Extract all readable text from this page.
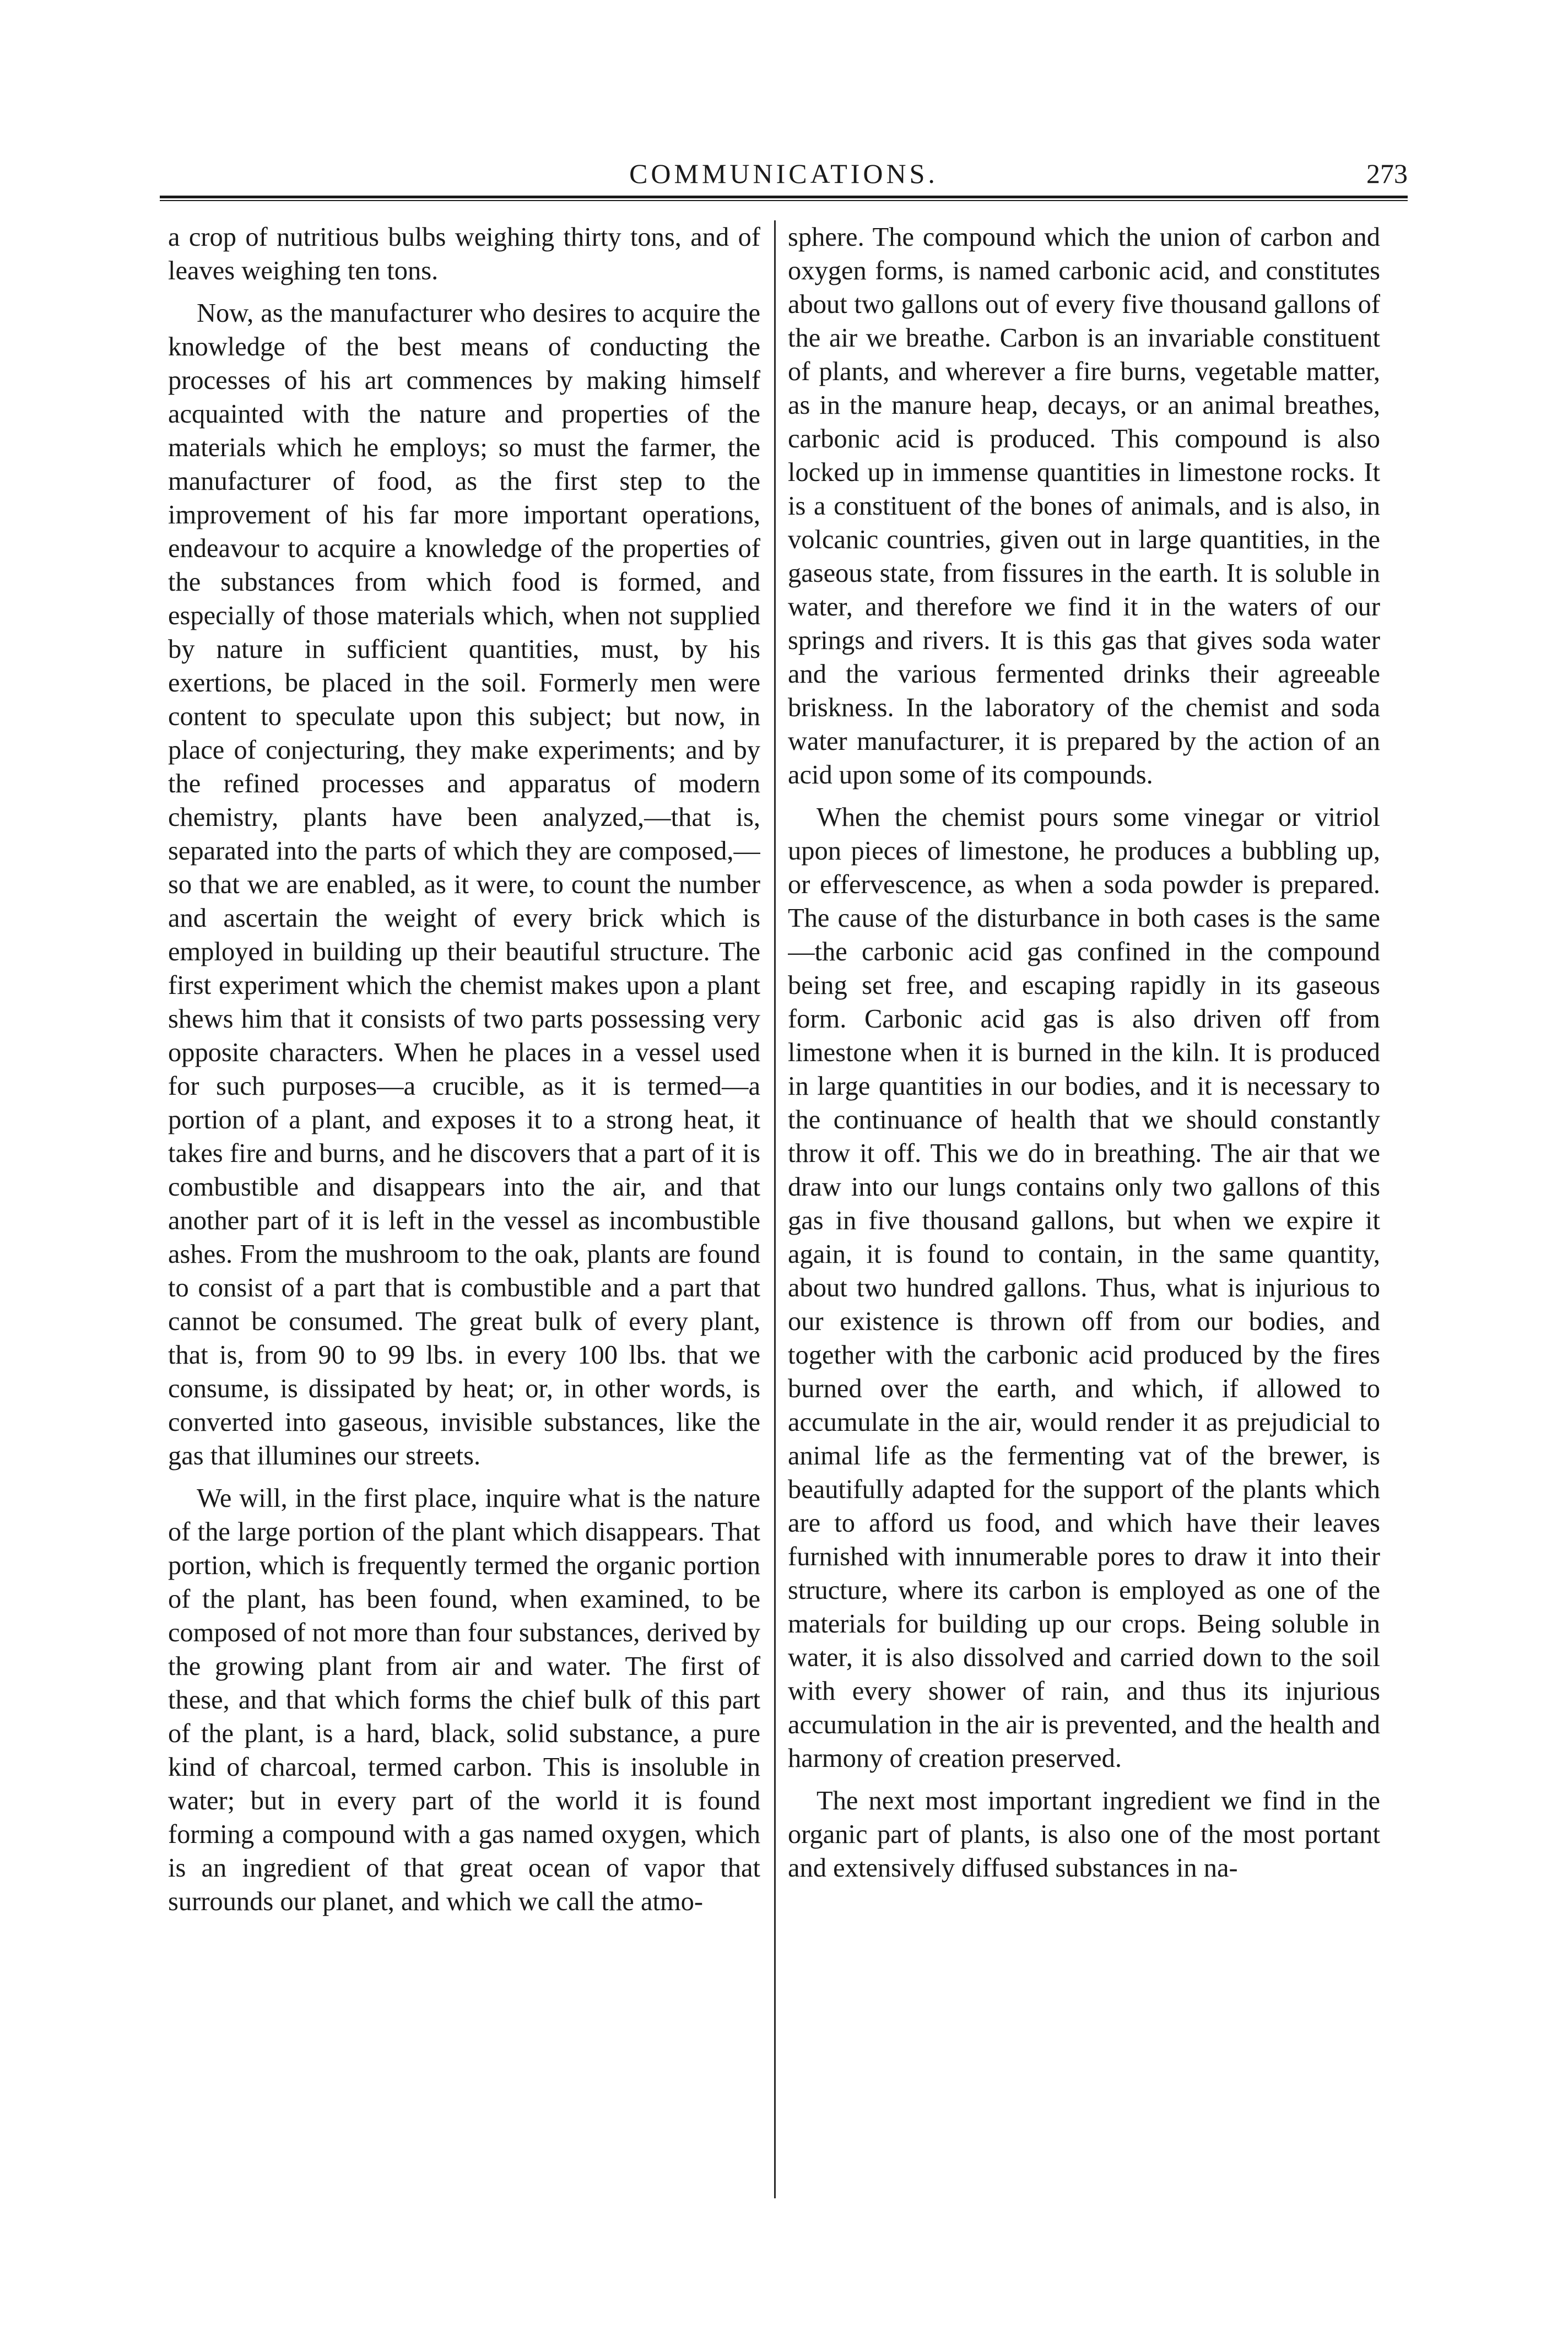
COMMUNICATIONS.	273

a crop of nutritious bulbs weighing thirty tons, and of leaves weighing ten tons.

Now, as the manufacturer who desires to acquire the knowledge of the best means of conducting the processes of his art commences by making himself acquainted with the nature and properties of the materials which he employs; so must the farmer, the manufacturer of food, as the first step to the improvement of his far more important operations, endeavour to acquire a knowledge of the properties of the substances from which food is formed, and especially of those materials which, when not supplied by nature in sufficient quantities, must, by his exertions, be placed in the soil. Formerly men were content to speculate upon this subject; but now, in place of conjecturing, they make experiments; and by the refined processes and apparatus of modern chemistry, plants have been analyzed,—that is, separated into the parts of which they are composed,—so that we are enabled, as it were, to count the number and ascertain the weight of every brick which is employed in building up their beautiful structure. The first experiment which the chemist makes upon a plant shews him that it consists of two parts possessing very opposite characters. When he places in a vessel used for such purposes—a crucible, as it is termed—a portion of a plant, and exposes it to a strong heat, it takes fire and burns, and he discovers that a part of it is combustible and disappears into the air, and that another part of it is left in the vessel as incombustible ashes. From the mushroom to the oak, plants are found to consist of a part that is combustible and a part that cannot be consumed. The great bulk of every plant, that is, from 90 to 99 lbs. in every 100 lbs. that we consume, is dissipated by heat; or, in other words, is converted into gaseous, invisible substances, like the gas that illumines our streets.

We will, in the first place, inquire what is the nature of the large portion of the plant which disappears. That portion, which is frequently termed the organic portion of the plant, has been found, when examined, to be composed of not more than four substances, derived by the growing plant from air and water. The first of these, and that which forms the chief bulk of this part of the plant, is a hard, black, solid substance, a pure kind of charcoal, termed carbon. This is insoluble in water; but in every part of the world it is found forming a compound with a gas named oxygen, which is an ingredient of that great ocean of vapor that surrounds our planet, and which we call the atmo-

sphere. The compound which the union of carbon and oxygen forms, is named carbonic acid, and constitutes about two gallons out of every five thousand gallons of the air we breathe. Carbon is an invariable constituent of plants, and wherever a fire burns, vegetable matter, as in the manure heap, decays, or an animal breathes, carbonic acid is produced. This compound is also locked up in immense quantities in limestone rocks. It is a constituent of the bones of animals, and is also, in volcanic countries, given out in large quantities, in the gaseous state, from fissures in the earth. It is soluble in water, and therefore we find it in the waters of our springs and rivers. It is this gas that gives soda water and the various fermented drinks their agreeable briskness. In the laboratory of the chemist and soda water manufacturer, it is prepared by the action of an acid upon some of its compounds.

When the chemist pours some vinegar or vitriol upon pieces of limestone, he produces a bubbling up, or effervescence, as when a soda powder is prepared. The cause of the disturbance in both cases is the same—the carbonic acid gas confined in the compound being set free, and escaping rapidly in its gaseous form. Carbonic acid gas is also driven off from limestone when it is burned in the kiln. It is produced in large quantities in our bodies, and it is necessary to the continuance of health that we should constantly throw it off. This we do in breathing. The air that we draw into our lungs contains only two gallons of this gas in five thousand gallons, but when we expire it again, it is found to contain, in the same quantity, about two hundred gallons. Thus, what is injurious to our existence is thrown off from our bodies, and together with the carbonic acid produced by the fires burned over the earth, and which, if allowed to accumulate in the air, would render it as prejudicial to animal life as the fermenting vat of the brewer, is beautifully adapted for the support of the plants which are to afford us food, and which have their leaves furnished with innumerable pores to draw it into their structure, where its carbon is employed as one of the materials for building up our crops. Being soluble in water, it is also dissolved and carried down to the soil with every shower of rain, and thus its injurious accumulation in the air is prevented, and the health and harmony of creation preserved.

The next most important ingredient we find in the organic part of plants, is also one of the most portant and extensively diffused substances in na-
